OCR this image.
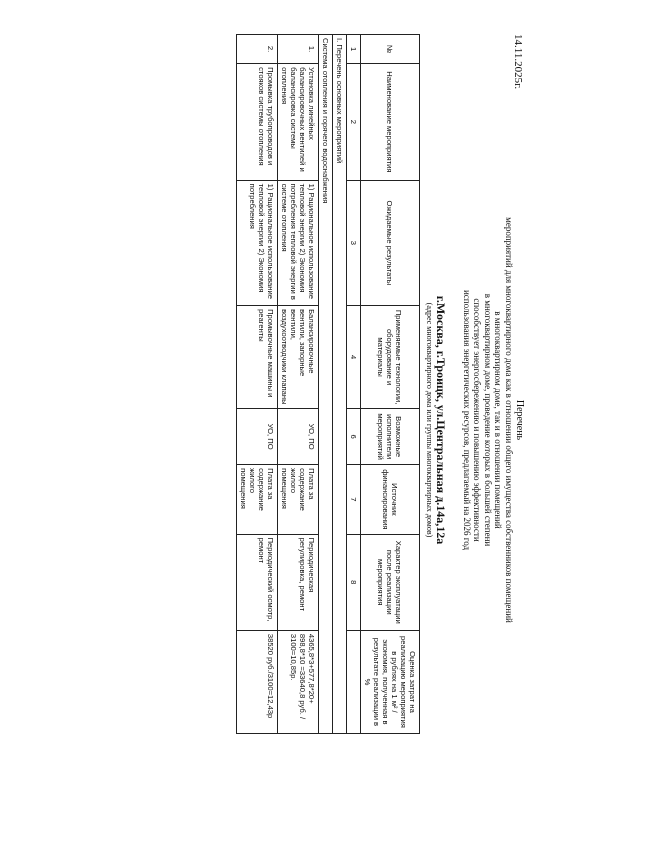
14.11.2025г.
Перечень
мероприятий для многоквартирного дома как в отношении общего имущества собственников помещений
в многоквартирном доме, так и в отношении помещений
в многоквартирном доме, проведение которых в большей степени
способствует энергосбережению и повышению эффективности
использования энергетических ресурсов, предлагаемый на 2026 год
г.Москва, г.Троицк, ул.Центральная д.14а,12а
(адрес многоквартирного дома или группы многоквартирных домов)
№	Наименование мероприятия	Ожидаемые результаты	Применяемые технологии, оборудование и материалы	Возможные исполнители мероприятий	Источник финансирования	Характер эксплуатации после реализации мероприятия	Оценка затрат на реализацию мероприятия в рублях на 1 м² / экономия, полученная в результате реализации в %
1	2	3	4	6	7	8	
I. Перечень основных мероприятий							
Система отопления и горячего водоснабжения							
1.	Установка линейных балансировочных вентилей и балансировка системы отопления	1) Рациональное использование тепловой энергии 2) Экономия потребления тепловой энергии в системе отопления	Балансировочные вентили, запорные вентили, воздухоотводчики клапаны	УО, ПО	Плата за содержание жилого помещения	Периодическая регулировка, ремонт	4365,8*3+577,8*20+ 898,8*10 =33640,8 руб. / 3100=10,85р.
2.	Промывка трубопроводов и стояков системы отопления	1) Рациональное использование тепловой энергии 2) Экономия потребления	Промывочные машины и реагенты	УО, ПО	Плата за содержание жилого помещения	Периодический осмотр, ремонт	38520 руб./3100=12,43р
